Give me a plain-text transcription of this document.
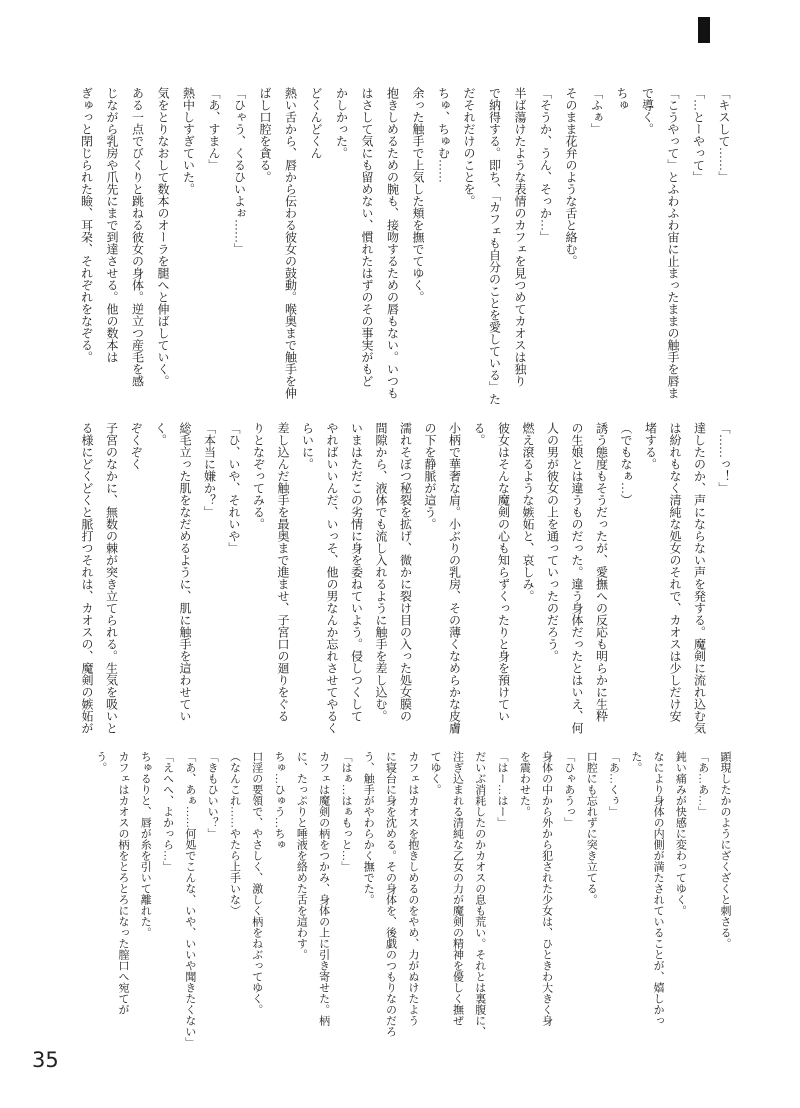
「キスして……」

「…とーやって」

「こうやって」とふわふわ宙に止まったままの触手を唇ま

で導く。

ちゅ

「ふぁ」

そのまま花弁のような舌と絡む。

「そうか、うん、そっか…」

半ば蕩けたような表情のカフェを見つめてカオスは独り

で納得する。即ち、「カフェも自分のことを愛している」た

だそれだけのことを。

ちゅ、ちゅむ……

余った触手で上気した頬を撫でてゆく。

抱きしめるための腕も、接吻するための唇もない。いつも

はさして気にも留めない、慣れたはずのその事実がもど

かしかった。

どくんどくん

熱い舌から、唇から伝わる彼女の鼓動。喉奥まで触手を伸

ばし口腔を貪る。

「ひゃう、くるひいよぉ……」

「あ、すまん」

熱中しすぎていた。

気をとりなおして数本のオーラを腿へと伸ばしていく。

ある一点でびくりと跳ねる彼女の身体。逆立つ産毛を感

じながら乳房や爪先にまで到達させる。他の数本は

ぎゅっと閉じられた瞼、耳朶、それぞれをなぞる。

「……っ！」

達したのか、声にならない声を発する。魔剣に流れ込む気

は紛れもなく清純な処女のそれで、カオスは少しだけ安

堵する。

（でもなぁ…）

誘う態度もそうだったが、愛撫への反応も明らかに生粋

の生娘とは違うものだった。違う身体だったとはいえ、何

人の男が彼女の上を通っていったのだろう。

燃え滾るような嫉妬と、哀しみ。

彼女はそんな魔剣の心も知らずくったりと身を預けてい

る。

小柄で華奢な肩。小ぶりの乳房、その薄くなめらかな皮膚

の下を静脈が這う。

濡れそぼつ秘裂を拡げ、微かに裂け目の入った処女膜の

間隙から、液体でも流し入れるように触手を差し込む。

いまはただこの劣情に身を委ねていよう。侵しつくして

やればいいんだ、いっそ、他の男なんか忘れさせてやるく

らいに。

差し込んだ触手を最奥まで進ませ、子宮口の廻りをぐる

りとなぞってみる。

「ひ、いや、それいや」

「本当に嫌か？」

総毛立った肌をなだめるように、肌に触手を這わせてい

く。

ぞくぞく

子宮のなかに、無数の棘が突き立てられる。生気を吸いと

る様にどくどくと脈打つそれは、カオスの、魔剣の嫉妬が

顕現したかのようにざくざくと刺さる。

「あ…あ…」

鈍い痛みが快感に変わってゆく。

なにより身体の内側が満たされていることが、嬉しかっ

た。

「あ…くぅ」

口腔にも忘れずに突き立てる。

「ひゃあうっ」

身体の中から外から犯された少女は、ひときわ大きく身

を震わせた。

「はー…はー」

だいぶ消耗したのかカオスの息も荒い。それとは裏腹に、

注ぎ込まれる清純な乙女の力が魔剣の精神を優しく撫ぜ

てゆく。

カフェはカオスを抱きしめるのをやめ、力がぬけたよう

に寝台に身を沈める。その身体を、後戯のつもりなのだろ

う、触手がやわらかく撫でた。

「はぁ…はぁもっと…」

カフェは魔剣の柄をつかみ、身体の上に引き寄せた。柄

に、たっぷりと唾液を絡めた舌を這わす。

ちゅ…ひゅう…ちゅ

口淫の要領で、やさしく、激しく柄をねぶってゆく。

（なんこれ……やたら上手いな）

「きもひいい？」

「あ、あぁ……何処でこんな、いや、いいや聞きたくない」

「えへへ、よかっら…」

ちゅるりと、唇が糸を引いて離れた。

カフェはカオスの柄をとろとろになった膣口へ宛てが

う。

35
